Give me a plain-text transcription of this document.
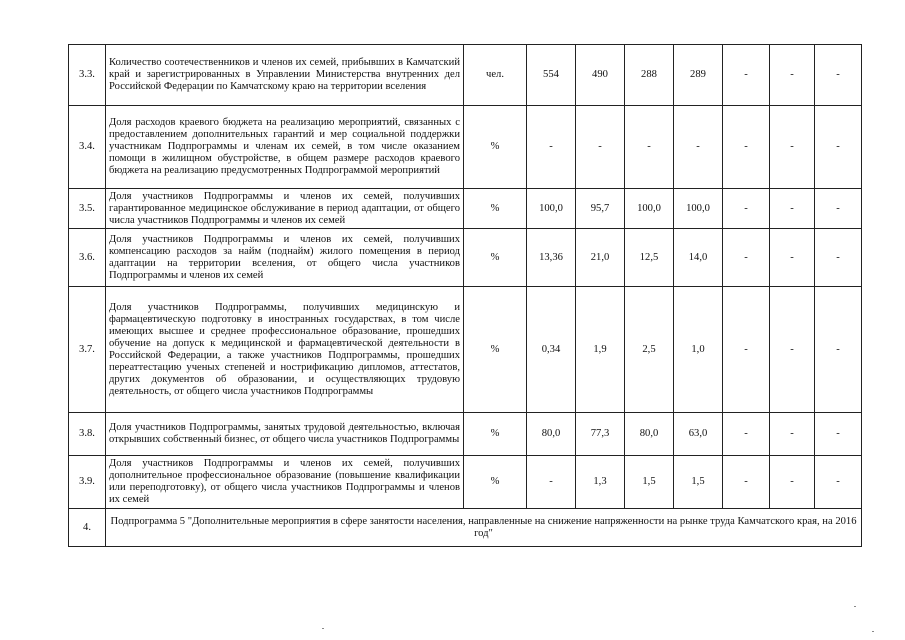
3.3.	Количество соотечественников и членов их семей, прибывших в Камчатский край и зарегистрированных в Управлении Министерства внутренних дел Российской Федерации по Камчатскому краю на территории вселения	чел.	554	490	288	289	-	-	-
3.4.	Доля расходов краевого бюджета на реализацию мероприятий, связанных с предоставлением дополнительных гарантий и мер социальной поддержки участникам Подпрограммы и членам их семей, в том числе оказанием помощи в жилищном обустройстве, в общем размере расходов краевого бюджета на реализацию предусмотренных Подпрограммой мероприятий	%	-	-	-	-	-	-	-
3.5.	Доля участников Подпрограммы и членов их семей, получивших гарантированное медицинское обслуживание в период адаптации, от общего числа участников Подпрограммы и членов их семей	%	100,0	95,7	100,0	100,0	-	-	-
3.6.	Доля участников Подпрограммы и членов их семей, получивших компенсацию расходов за найм (поднайм) жилого помещения в период адаптации на территории вселения, от общего числа участников Подпрограммы и членов их семей	%	13,36	21,0	12,5	14,0	-	-	-
3.7.	Доля участников Подпрограммы, получивших медицинскую и фармацевтическую подготовку в иностранных государствах, в том числе имеющих высшее и среднее профессиональное образование, прошедших обучение на допуск к медицинской и фармацевтической деятельности в Российской Федерации, а также участников Подпрограммы, прошедших переаттестацию ученых степеней и нострификацию дипломов, аттестатов, других документов об образовании, и осуществляющих трудовую деятельность, от общего числа участников Подпрограммы	%	0,34	1,9	2,5	1,0	-	-	-
3.8.	Доля участников Подпрограммы, занятых трудовой деятельностью, включая открывших собственный бизнес, от общего числа участников Подпрограммы	%	80,0	77,3	80,0	63,0	-	-	-
3.9.	Доля участников Подпрограммы и членов их семей, получивших дополнительное профессиональное образование (повышение квалификации или переподготовку), от общего числа участников Подпрограммы и членов их семей	%	-	1,3	1,5	1,5	-	-	-
4.	Подпрограмма 5 "Дополнительные мероприятия в сфере занятости населения, направленные на снижение напряженности на рынке труда Камчатского края, на 2016 год"								
